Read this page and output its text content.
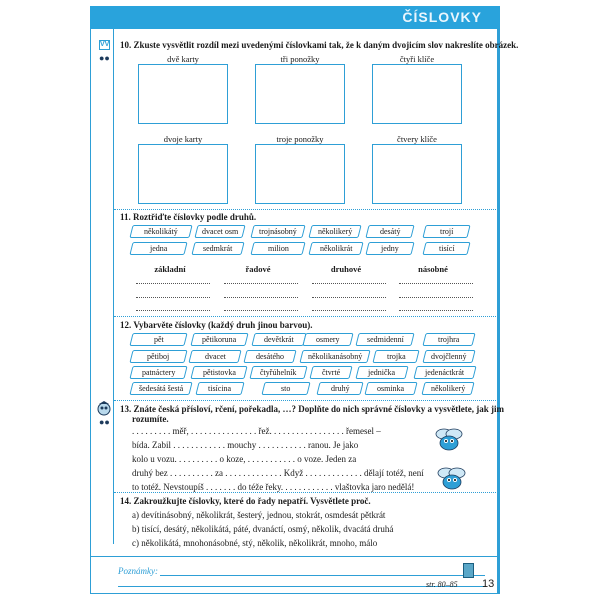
ČÍSLOVKY
VV
●●
●●
10. Zkuste vysvětlit rozdíl mezi uvedenými číslovkami tak, že k daným dvojicím slov nakreslíte obrázek.
dvě karty	tři ponožky	čtyři klíče
dvoje karty	troje ponožky	čtvery klíče
11. Roztřiďte číslovky podle druhů.
několikátý	dvacet osm	trojnásobný	několikerý	desátý	trojí
jedna	sedmkrát	milion	několikrát	jedny	tisící
základní	řadové	druhové	násobné
12. Vybarvěte číslovky (každý druh jinou barvou).
pět	pětikoruna	devětkrát	osmery	sedmidenní	trojhra
pětiboj	dvacet	desátého	několikanásobný	trojka	dvojčlenný
patnáctery	pětistovka	čtyřúhelník	čtvrté	jednička	jedenáctkrát
šedesátá šestá	tisícina	sto	druhý	osminka	několikerý
13. Znáte česká přísloví, rčení, pořekadla, …? Doplňte do nich správné číslovky a vysvětlete, jak jim
rozumíte.
. . . . . . . . . měř, . . . . . . . . . . . . . . . řež. . . . . . . . . . . . . . . . . řemesel –
bída. Zabil . . . . . . . . . . . . mouchy . . . . . . . . . . . ranou. Je jako
kolo u vozu. . . . . . . . . . o koze, . . . . . . . . . . . o voze. Jeden za
druhý bez . . . . . . . . . . za . . . . . . . . . . . . . Když . . . . . . . . . . . . . dělají totéž, není
to totéž. Nevstoupíš . . . . . . . do téže řeky. . . . . . . . . . . . vlaštovka jaro nedělá!
14. Zakroužkujte číslovky, které do řady nepatří. Vysvětlete proč.
a) devítinásobný, několikrát, šesterý, jednou, stokrát, osmdesát pětkrát
b) tisící, desátý, několikátá, páté, dvanáctí, osmý, několik, dvacátá druhá
c) několikátá, mnohonásobné, stý, několik, několikrát, mnoho, málo
Poznámky:
str. 80–85 13
